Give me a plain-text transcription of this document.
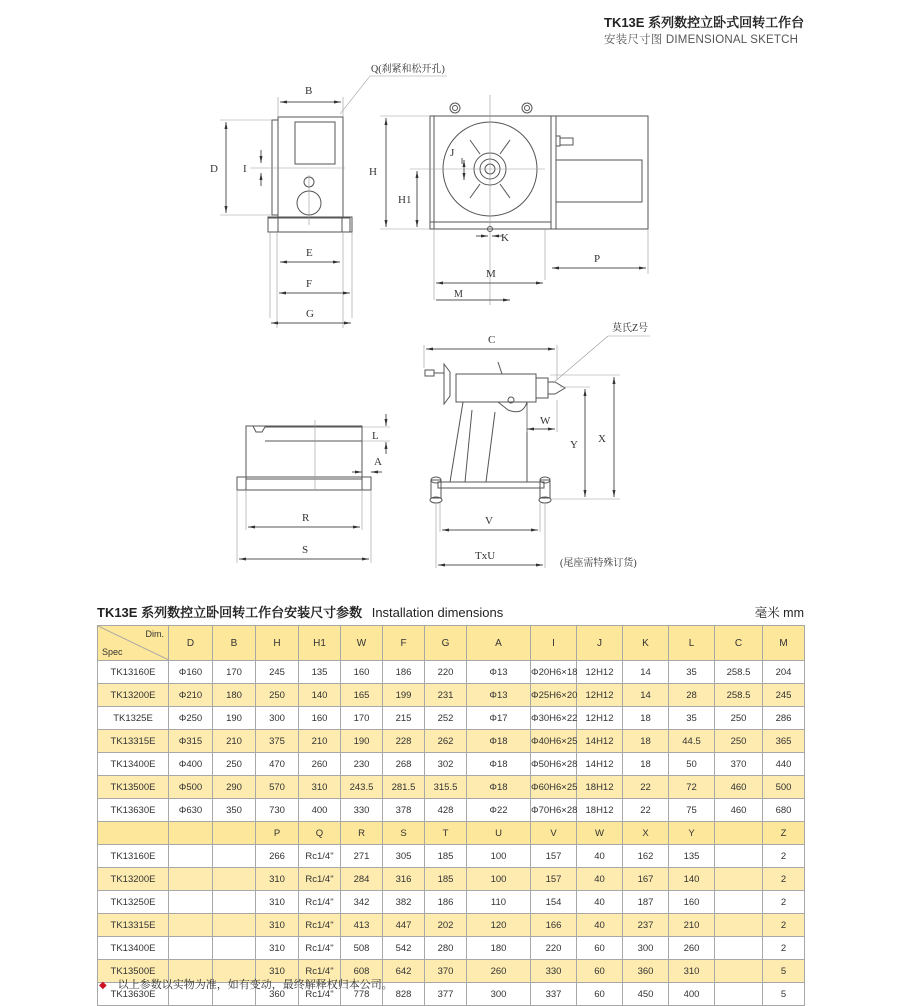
TK13E 系列数控立卧式回转工作台
安装尺寸图 DIMENSIONAL SKETCH
B
Q(刹紧和松开孔)
D I
E
F
G
J
H
H1
K
M
M
P
L
A
R
S
C
莫氏Z号
W
Y X
V
TxU
(尾座需特殊订货)
TK13E 系列数控立卧回转工作台安装尺寸参数 Installation dimensions	毫米 mm
Dim.
Spec	D	B	H	H1	W	F	G	A	I	J	K	L	C	M
TK13160E	Φ160	170	245	135	160	186	220	Φ13	Φ20H6×18	12H12	14	35	258.5	204
TK13200E	Φ210	180	250	140	165	199	231	Φ13	Φ25H6×20	12H12	14	28	258.5	245
TK1325E	Φ250	190	300	160	170	215	252	Φ17	Φ30H6×22	12H12	18	35	250	286
TK13315E	Φ315	210	375	210	190	228	262	Φ18	Φ40H6×25	14H12	18	44.5	250	365
TK13400E	Φ400	250	470	260	230	268	302	Φ18	Φ50H6×28	14H12	18	50	370	440
TK13500E	Φ500	290	570	310	243.5	281.5	315.5	Φ18	Φ60H6×25	18H12	22	72	460	500
TK13630E	Φ630	350	730	400	330	378	428	Φ22	Φ70H6×28	18H12	22	75	460	680
			P	Q	R	S	T	U	V	W	X	Y		Z
TK13160E			266	Rc1/4"	271	305	185	100	157	40	162	135		2
TK13200E			310	Rc1/4"	284	316	185	100	157	40	167	140		2
TK13250E			310	Rc1/4"	342	382	186	110	154	40	187	160		2
TK13315E			310	Rc1/4"	413	447	202	120	166	40	237	210		2
TK13400E			310	Rc1/4"	508	542	280	180	220	60	300	260		2
TK13500E			310	Rc1/4"	608	642	370	260	330	60	360	310		5
TK13630E			360	Rc1/4"	778	828	377	300	337	60	450	400		5
◆ 以上参数以实物为准，如有变动，最终解释权归本公司。
